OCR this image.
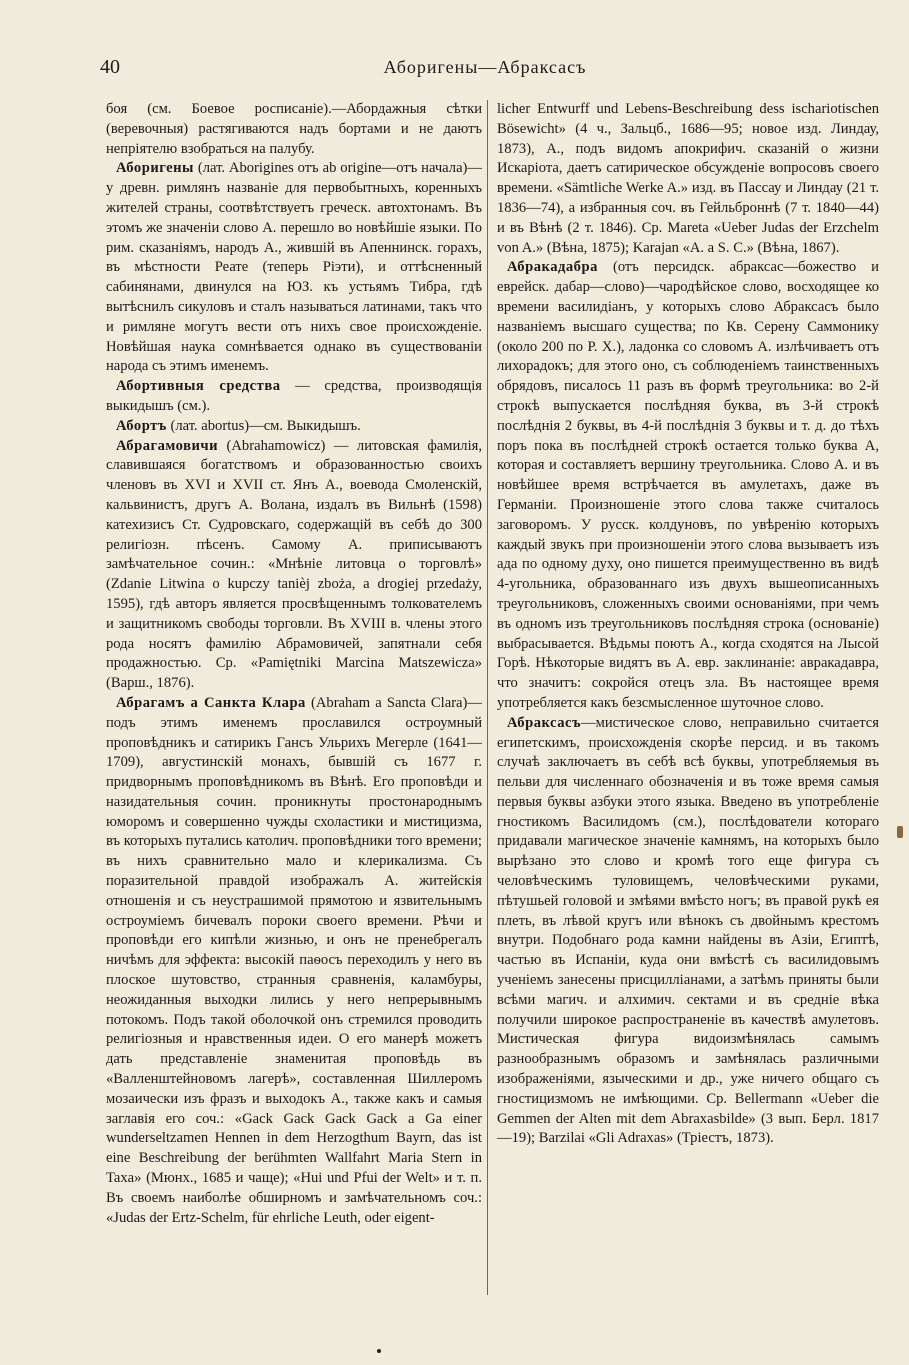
40	Аборигены—Абраксасъ

боя (см. Боевое росписаніе).—Абордажныя сѣтки (веревочныя) растягиваются надъ бортами и не даютъ непріятелю взобраться на палубу.

Аборигены (лат. Aborigines отъ ab origine—отъ начала)—у древн. римлянъ названіе для первобытныхъ, коренныхъ жителей страны, соотвѣтствуетъ греческ. автохтонамъ. Въ этомъ же значеніи слово А. перешло во новѣйшіе языки. По рим. сказаніямъ, народъ А., жившій въ Апеннинск. горахъ, въ мѣстности Реате (теперь Ріэти), и оттѣсненный сабинянами, двинулся на ЮЗ. къ устьямъ Тибра, гдѣ вытѣснилъ сикуловъ и сталъ называться латинами, такъ что и римляне могутъ вести отъ нихъ свое происхожденіе. Новѣйшая наука сомнѣвается однако въ существованіи народа съ этимъ именемъ.

Абортивныя средства — средства, производящія выкидышъ (см.).

Абортъ (лат. abortus)—см. Выкидышъ.

Абрагамовичи (Abrahamowicz) — литовская фамилія, славившаяся богатствомъ и образованностью своихъ членовъ въ XVI и XVII ст. Янъ А., воевода Смоленскій, кальвинистъ, другъ А. Волана, издалъ въ Вильнѣ (1598) катехизисъ Ст. Судровскаго, содержащій въ себѣ до 300 религіозн. пѣсенъ. Самому А. приписываютъ замѣчательное сочин.: «Мнѣніе литовца о торговлѣ» (Zdanie Litwina o kupczy tanièj zboża, a drogiej przedaży, 1595), гдѣ авторъ является просвѣщеннымъ толкователемъ и защитникомъ свободы торговли. Въ XVIII в. члены этого рода носятъ фамилію Абрамовичей, запятнали себя продажностью. Ср. «Pamiętniki Marcina Matszewicza» (Варш., 1876).

Абрагамъ а Санкта Клара (Abraham a Sancta Clara)—подъ этимъ именемъ прославился остроумный проповѣдникъ и сатирикъ Гансъ Ульрихъ Мегерле (1641—1709), августинскій монахъ, бывшій съ 1677 г. придворнымъ проповѣдникомъ въ Вѣнѣ. Его проповѣди и назидательныя сочин. проникнуты простонароднымъ юморомъ и совершенно чужды схоластики и мистицизма, въ которыхъ путались католич. проповѣдники того времени; въ нихъ сравнительно мало и клерикализма. Съ поразительной правдой изображалъ А. житейскія отношенія и съ неустрашимой прямотою и язвительнымъ остроуміемъ бичевалъ пороки своего времени. Рѣчи и проповѣди его кипѣли жизнью, и онъ не пренебрегалъ ничѣмъ для эффекта: высокій паѳосъ переходилъ у него въ плоское шутовство, странныя сравненія, каламбуры, неожиданныя выходки лились у него непрерывнымъ потокомъ. Подъ такой оболочкой онъ стремился проводить религіозныя и нравственныя идеи. О его манерѣ можетъ дать представленіе знаменитая проповѣдь въ «Валленштейновомъ лагерѣ», составленная Шиллеромъ мозаически изъ фразъ и выходокъ А., также какъ и самыя заглавія его соч.: «Gack Gack Gack Gack a Ga einer wunderseltzamen Hennen in dem Herzogthum Bayrn, das ist eine Beschreibung der berühmten Wallfahrt Maria Stern in Taxa» (Мюнх., 1685 и чаще); «Hui und Pfui der Welt» и т. п. Въ своемъ наиболѣе обширномъ и замѣчательномъ соч.: «Judas der Ertz-Schelm, für ehrliche Leuth, oder eigent-

licher Entwurff und Lebens-Beschreibung dess ischariotischen Bösewicht» (4 ч., Зальцб., 1686—95; новое изд. Линдау, 1873), А., подъ видомъ апокрифич. сказаній о жизни Искаріота, даетъ сатирическое обсужденіе вопросовъ своего времени. «Sämtliche Werke A.» изд. въ Пассау и Линдау (21 т. 1836—74), а избранныя соч. въ Гейльброннѣ (7 т. 1840—44) и въ Вѣнѣ (2 т. 1846). Ср. Mareta «Ueber Judas der Erzchelm von A.» (Вѣна, 1875); Karajan «A. a S. C.» (Вѣна, 1867).

Абракадабра (отъ персидск. абраксас—божество и еврейск. дабар—слово)—чародѣйское слово, восходящее ко времени василидіанъ, у которыхъ слово Абраксасъ было названіемъ высшаго существа; по Кв. Серену Саммонику (около 200 по Р. Х.), ладонка со словомъ А. излѣчиваетъ отъ лихорадокъ; для этого оно, съ соблюденіемъ таинственныхъ обрядовъ, писалось 11 разъ въ формѣ треугольника: во 2-й строкѣ выпускается послѣдняя буква, въ 3-й строкѣ послѣднія 2 буквы, въ 4-й послѣднія 3 буквы и т. д. до тѣхъ поръ пока въ послѣдней строкѣ остается только буква А, которая и составляетъ вершину треугольника. Слово А. и въ новѣйшее время встрѣчается въ амулетахъ, даже въ Германіи. Произношеніе этого слова также считалось заговоромъ. У русск. колдуновъ, по увѣренію которыхъ каждый звукъ при произношеніи этого слова вызываетъ изъ ада по одному духу, оно пишется преимущественно въ видѣ 4-угольника, образованнаго изъ двухъ вышеописанныхъ треугольниковъ, сложенныхъ своими основаніями, при чемъ въ одномъ изъ треугольниковъ послѣдняя строка (основаніе) выбрасывается. Вѣдьмы поютъ А., когда сходятся на Лысой Горѣ. Нѣкоторые видятъ въ А. евр. заклинаніе: авракадавра, что значитъ: сокройся отецъ зла. Въ настоящее время употребляется какъ безсмысленное шуточное слово.

Абраксасъ—мистическое слово, неправильно считается египетскимъ, происхожденія скорѣе персид. и въ такомъ случаѣ заключаетъ въ себѣ всѣ буквы, употребляемыя въ пельви для численнаго обозначенія и въ тоже время самыя первыя буквы азбуки этого языка. Введено въ употребленіе гностикомъ Василидомъ (см.), послѣдователи котораго придавали магическое значеніе камнямъ, на которыхъ было вырѣзано это слово и кромѣ того еще фигура съ человѣческимъ туловищемъ, человѣческими руками, пѣтушьей головой и змѣями вмѣсто ногъ; въ правой рукѣ ея плеть, въ лѣвой кругъ или вѣнокъ съ двойнымъ крестомъ внутри. Подобнаго рода камни найдены въ Азіи, Египтѣ, частью въ Испаніи, куда они вмѣстѣ съ василидовымъ ученіемъ занесены присцилліанами, а затѣмъ приняты были всѣми магич. и алхимич. сектами и въ средніе вѣка получили широкое распространеніе въ качествѣ амулетовъ. Мистическая фигура видоизмѣнялась самымъ разнообразнымъ образомъ и замѣнялась различными изображеніями, языческими и др., уже ничего общаго съ гностицизмомъ не имѣющими. Ср. Bellermann «Ueber die Gemmen der Alten mit dem Abraxasbilde» (3 вып. Берл. 1817—19); Barzilai «Gli Adraxas» (Тріестъ, 1873).
